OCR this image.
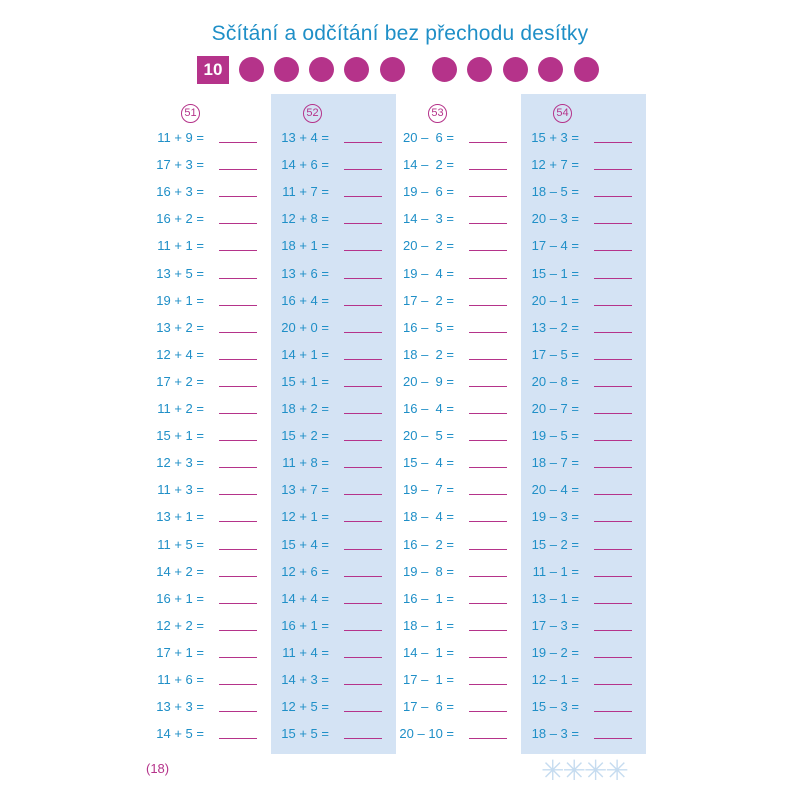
Sčítání a odčítání bez přechodu desítky
10
51
11 + 9 =
17 + 3 =
16 + 3 =
16 + 2 =
11 + 1 =
13 + 5 =
19 + 1 =
13 + 2 =
12 + 4 =
17 + 2 =
11 + 2 =
15 + 1 =
12 + 3 =
11 + 3 =
13 + 1 =
11 + 5 =
14 + 2 =
16 + 1 =
12 + 2 =
17 + 1 =
11 + 6 =
13 + 3 =
14 + 5 =
52
13 + 4 =
14 + 6 =
11 + 7 =
12 + 8 =
18 + 1 =
13 + 6 =
16 + 4 =
20 + 0 =
14 + 1 =
15 + 1 =
18 + 2 =
15 + 2 =
11 + 8 =
13 + 7 =
12 + 1 =
15 + 4 =
12 + 6 =
14 + 4 =
16 + 1 =
11 + 4 =
14 + 3 =
12 + 5 =
15 + 5 =
53
20 –  6 =
14 –  2 =
19 –  6 =
14 –  3 =
20 –  2 =
19 –  4 =
17 –  2 =
16 –  5 =
18 –  2 =
20 –  9 =
16 –  4 =
20 –  5 =
15 –  4 =
19 –  7 =
18 –  4 =
16 –  2 =
19 –  8 =
16 –  1 =
18 –  1 =
14 –  1 =
17 –  1 =
17 –  6 =
20 – 10 =
54
15 + 3 =
12 + 7 =
18 – 5 =
20 – 3 =
17 – 4 =
15 – 1 =
20 – 1 =
13 – 2 =
17 – 5 =
20 – 8 =
20 – 7 =
19 – 5 =
18 – 7 =
20 – 4 =
19 – 3 =
15 – 2 =
11 – 1 =
13 – 1 =
17 – 3 =
19 – 2 =
12 – 1 =
15 – 3 =
18 – 3 =
(18)	✳✳✳✳
